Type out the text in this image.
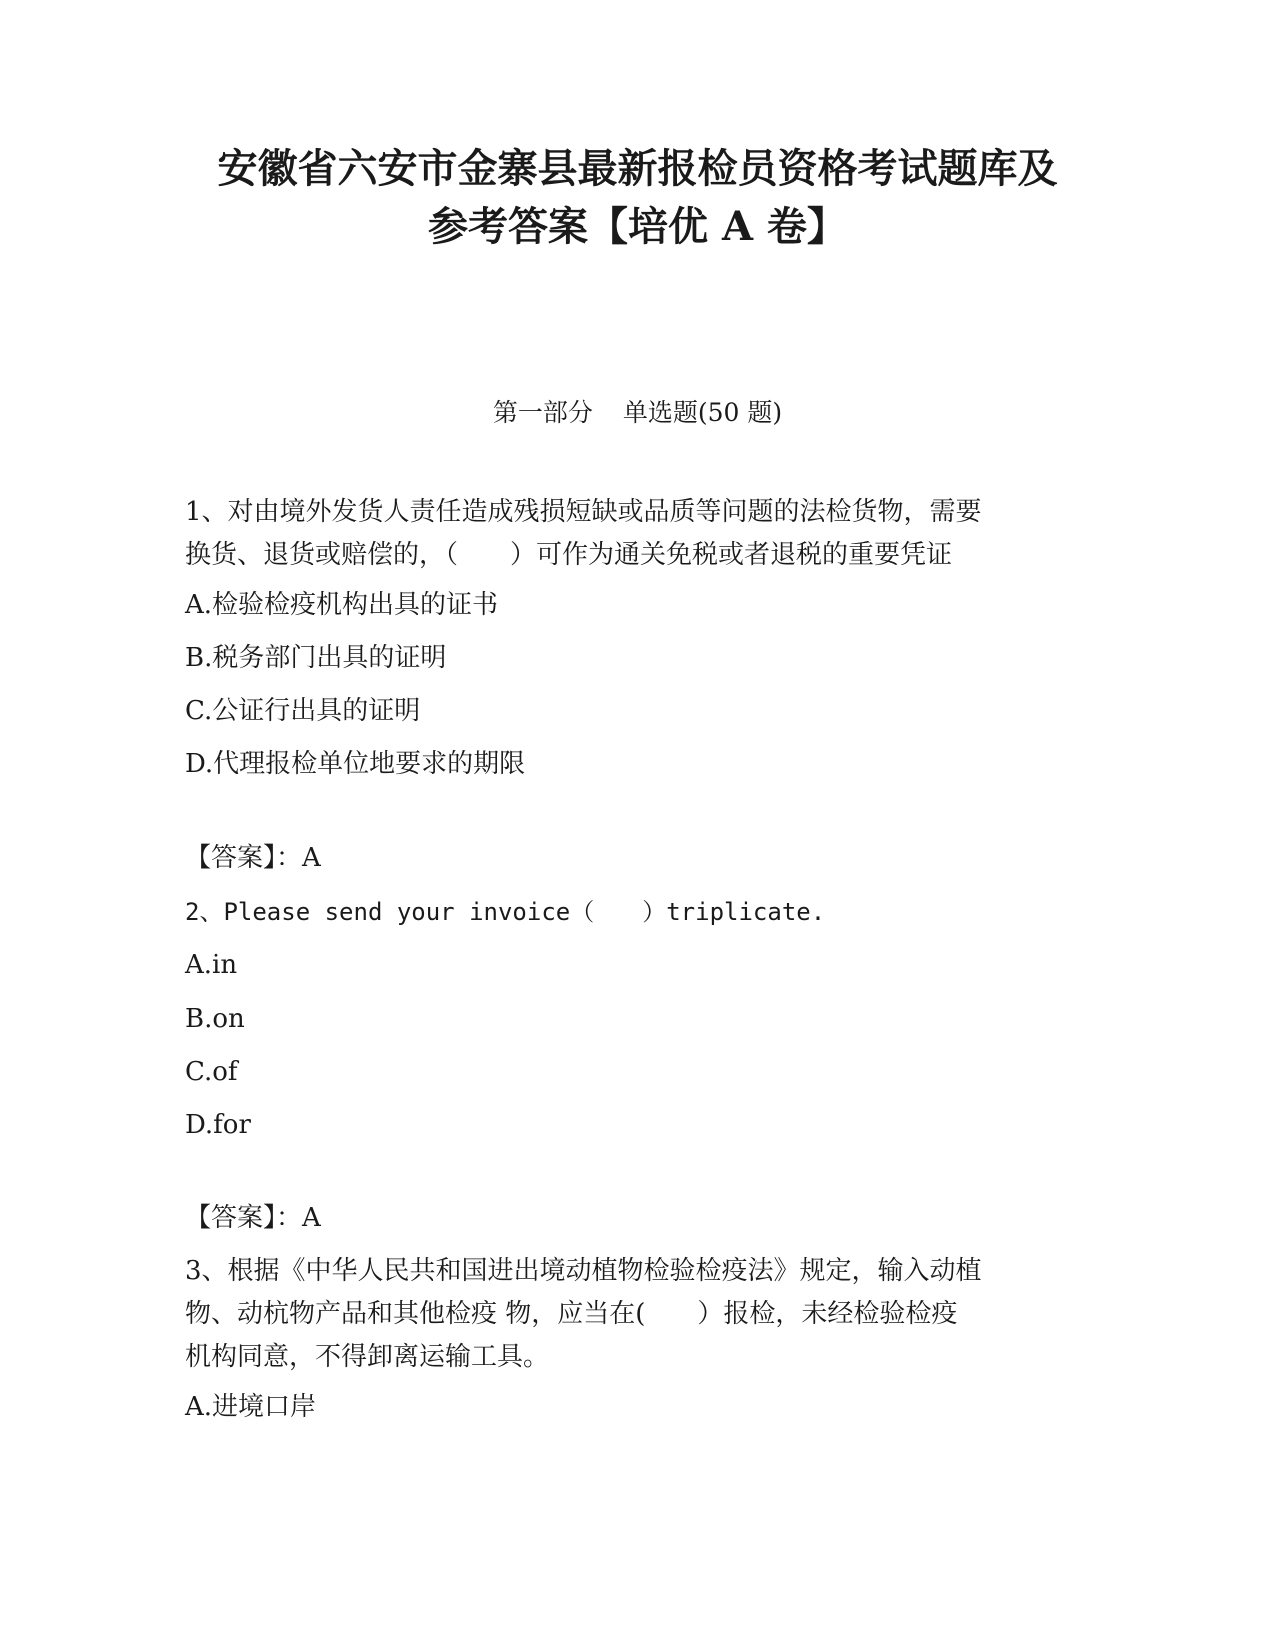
安徽省六安市金寨县最新报检员资格考试题库及
参考答案【培优 A 卷】
第一部分 单选题(50 题)
1、对由境外发货人责任造成残损短缺或品质等问题的法检货物，需要
换货、退货或赔偿的，（　　）可作为通关免税或者退税的重要凭证
A.检验检疫机构出具的证书
B.税务部门出具的证明
C.公证行出具的证明
D.代理报检单位地要求的期限
【答案】：A
2、Please send your invoice（　　）triplicate.
A.in
B.on
C.of
D.for
【答案】：A
3、根据《中华人民共和国进出境动植物检验检疫法》规定，输入动植
物、动杭物产品和其他检疫 物，应当在(　　）报检，未经检验检疫
机构同意，不得卸离运输工具。
A.进境口岸
